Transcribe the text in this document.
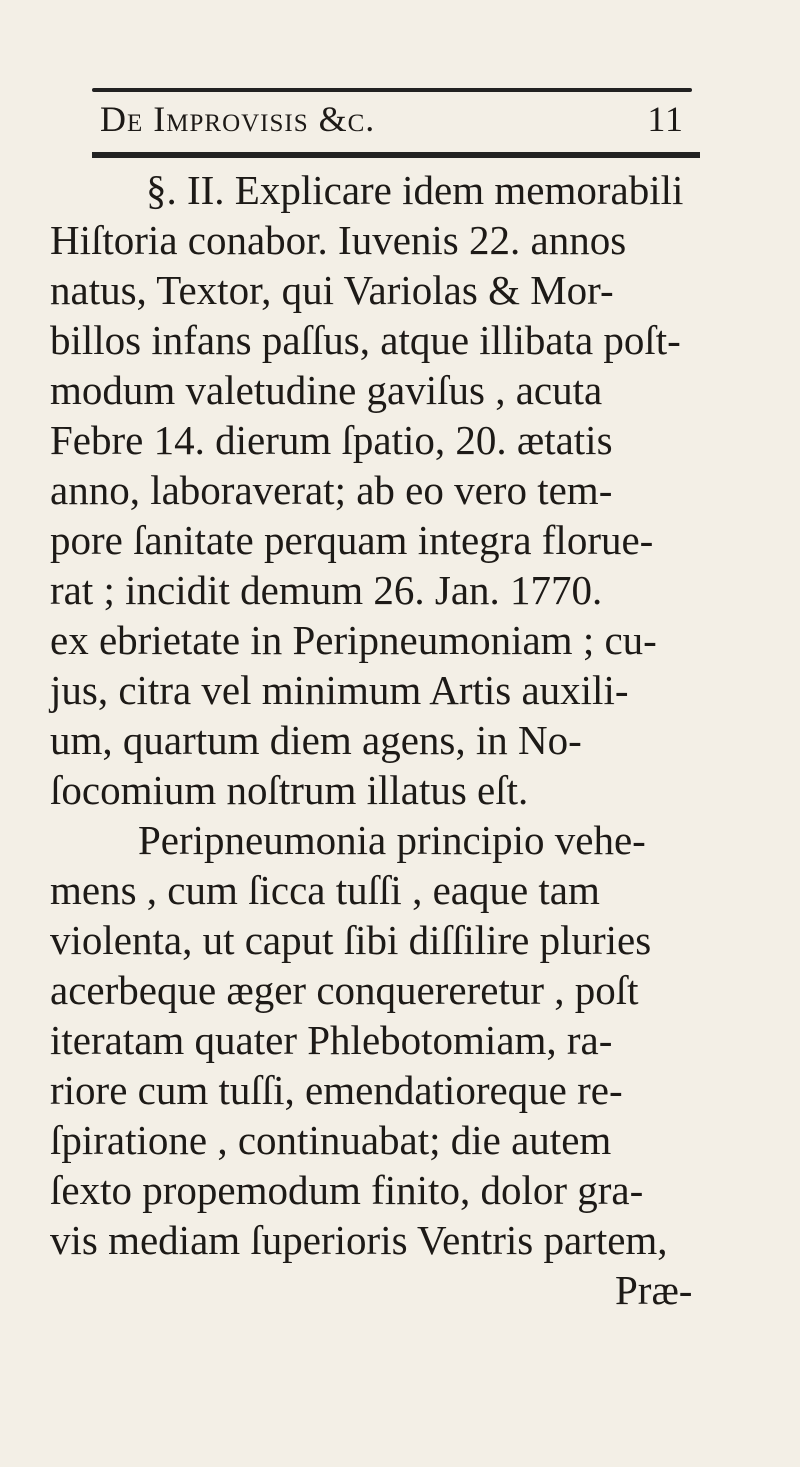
De Improvisis &c.	11
§. II. Explicare idem memorabili
Hiſtoria conabor. Iuvenis 22. annos
natus, Textor, qui Variolas & Mor-
billos infans paſſus, atque illibata poſt-
modum valetudine gaviſus , acuta
Febre 14. dierum ſpatio, 20. ætatis
anno, laboraverat; ab eo vero tem-
pore ſanitate perquam integra floruе-
rat ; incidit demum 26. Jan. 1770.
ex ebrietate in Peripneumoniam ; cu-
jus, citra vel minimum Artis auxili-
um, quartum diem agens, in No-
ſocomium noſtrum illatus eſt.
Peripneumonia principio vehe-
mens , cum ſicca tuſſi , eaque tam
violenta, ut caput ſibi diſſilire pluries
acerbeque æger conquereretur , poſt
iteratam quater Phlebotomiam, ra-
riore cum tuſſi, emendatioreque re-
ſpiratione , continuabat; die autem
ſexto propemodum finito, dolor gra-
vis mediam ſuperioris Ventris partem,
Præ-
